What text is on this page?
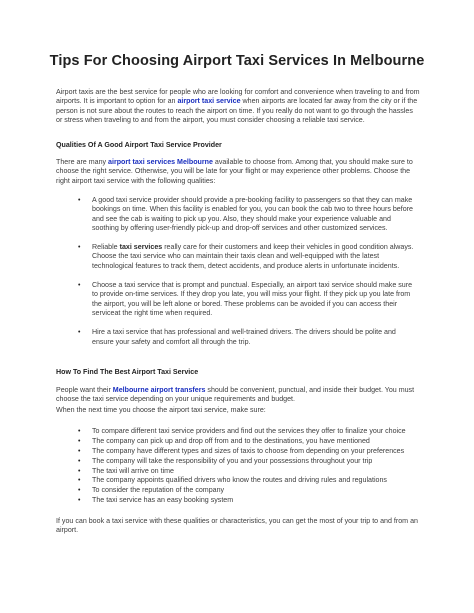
Tips For Choosing Airport Taxi Services In Melbourne

Airport taxis are the best service for people who are looking for comfort and convenience when traveling to and from airports. It is important to option for an airport taxi service when airports are located far away from the city or if the person is not sure about the routes to reach the airport on time. If you really do not want to go through the hassles or stress when traveling to and from the airport, you must consider choosing a reliable taxi service.

Qualities Of A Good Airport Taxi Service Provider

There are many airport taxi services Melbourne available to choose from. Among that, you should make sure to choose the right service. Otherwise, you will be late for your flight or may experience other problems. Choose the right airport taxi service with the following qualities:

• A good taxi service provider should provide a pre-booking facility to passengers so that they can make bookings on time. When this facility is enabled for you, you can book the cab two to three hours before and see the cab is waiting to pick up you. Also, they should make your experience valuable and soothing by offering user-friendly pick-up and drop-off services and other customized services.
• Reliable taxi services really care for their customers and keep their vehicles in good condition always. Choose the taxi service who can maintain their taxis clean and well-equipped with the latest technological features to track them, detect accidents, and produce alerts in unfortunate incidents.
• Choose a taxi service that is prompt and punctual. Especially, an airport taxi service should make sure to provide on-time services. If they drop you late, you will miss your flight. If they pick up you late from the airport, you will be left alone or bored. These problems can be avoided if you can access their serviceat the right time when required.
• Hire a taxi service that has professional and well-trained drivers. The drivers should be polite and ensure your safety and comfort all through the trip.
How To Find The Best Airport Taxi Service

People want their Melbourne airport transfers should be convenient, punctual, and inside their budget. You must choose the taxi service depending on your unique requirements and budget.

When the next time you choose the airport taxi service, make sure:

• To compare different taxi service providers and find out the services they offer to finalize your choice
• The company can pick up and drop off from and to the destinations, you have mentioned
• The company have different types and sizes of taxis to choose from depending on your preferences
• The company will take the responsibility of you and your possessions throughout your trip
• The taxi will arrive on time
• The company appoints qualified drivers who know the routes and driving rules and regulations
• To consider the reputation of the company
• The taxi service has an easy booking system

If you can book a taxi service with these qualities or characteristics, you can get the most of your trip to and from an airport.
